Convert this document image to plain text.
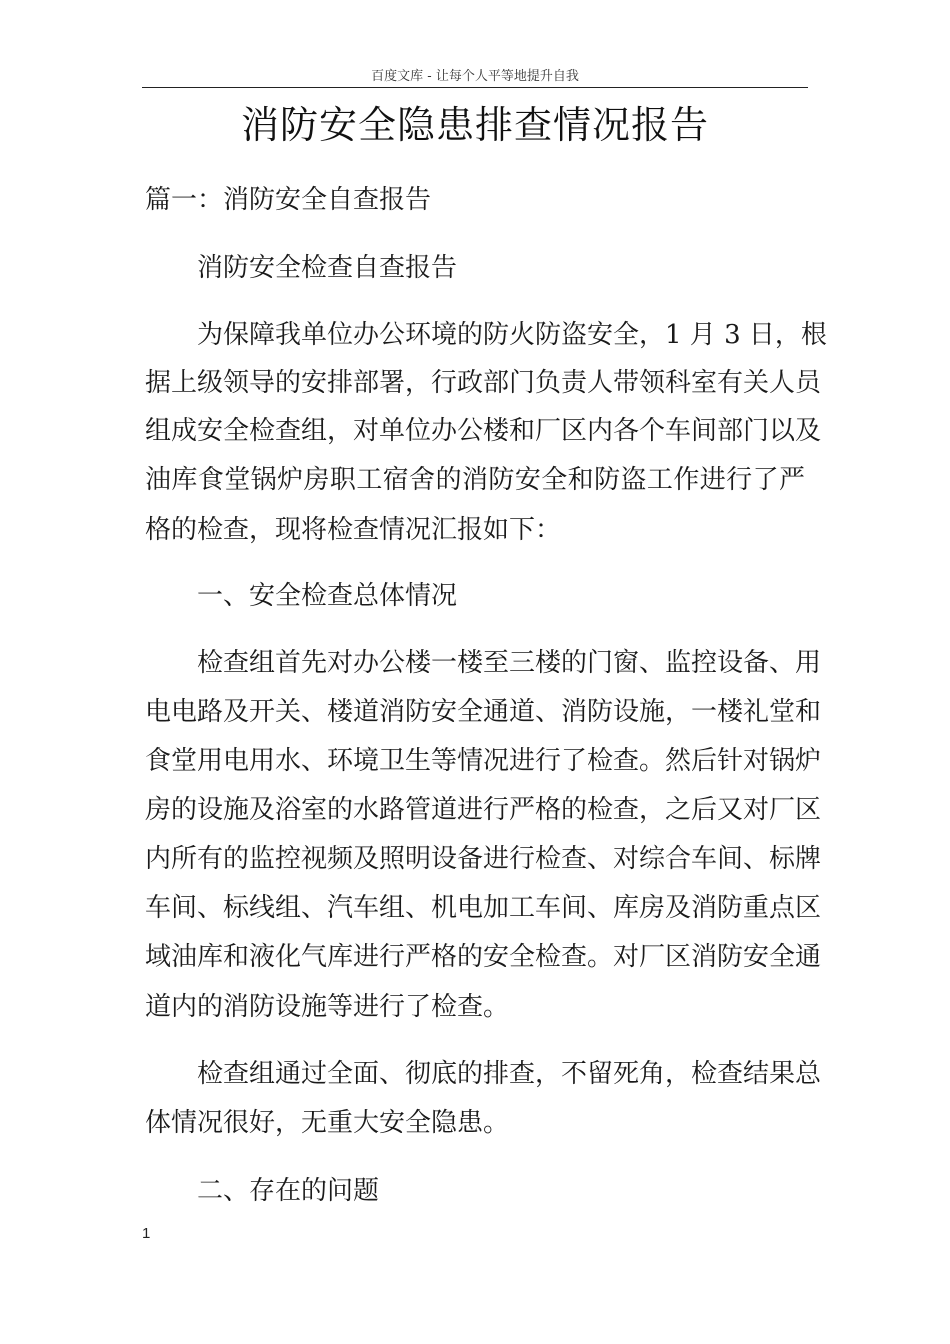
百度文库 - 让每个人平等地提升自我
消防安全隐患排查情况报告
篇一：消防安全自查报告
消防安全检查自查报告
为保障我单位办公环境的防火防盗安全，1 月 3 日，根
据上级领导的安排部署，行政部门负责人带领科室有关人员
组成安全检查组，对单位办公楼和厂区内各个车间部门以及
油库食堂锅炉房职工宿舍的消防安全和防盗工作进行了严
格的检查，现将检查情况汇报如下：
一、安全检查总体情况
检查组首先对办公楼一楼至三楼的门窗、监控设备、用
电电路及开关、楼道消防安全通道、消防设施，一楼礼堂和
食堂用电用水、环境卫生等情况进行了检查。然后针对锅炉
房的设施及浴室的水路管道进行严格的检查，之后又对厂区
内所有的监控视频及照明设备进行检查、对综合车间、标牌
车间、标线组、汽车组、机电加工车间、库房及消防重点区
域油库和液化气库进行严格的安全检查。对厂区消防安全通
道内的消防设施等进行了检查。
检查组通过全面、彻底的排查，不留死角，检查结果总
体情况很好，无重大安全隐患。
二、存在的问题
1
